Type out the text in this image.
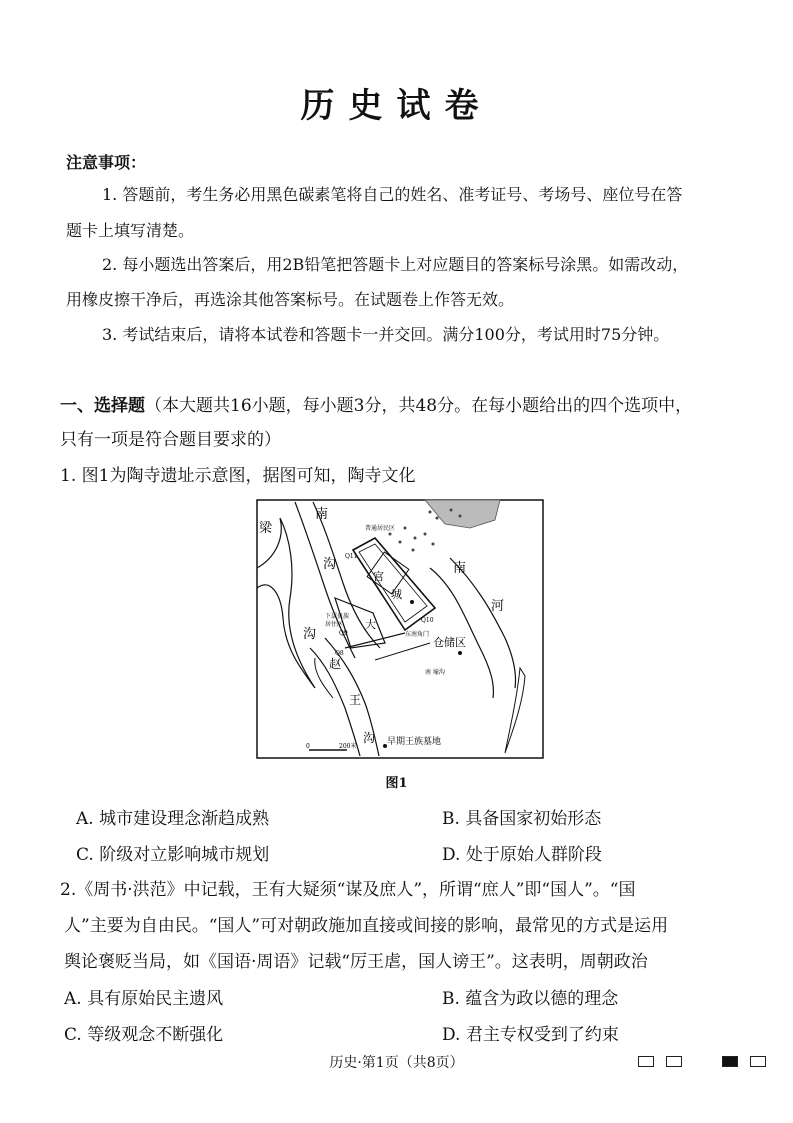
历史试卷
注意事项：
1. 答题前，考生务必用黑色碳素笔将自己的姓名、准考证号、考场号、座位号在答
题卡上填写清楚。
2. 每小题选出答案后，用2B铅笔把答题卡上对应题目的答案标号涂黑。如需改动，
用橡皮擦干净后，再选涂其他答案标号。在试题卷上作答无效。
3. 考试结束后，请将本试卷和答题卡一并交回。满分100分，考试用时75分钟。
一、选择题（本大题共16小题，每小题3分，共48分。在每小题给出的四个选项中，
只有一项是符合题目要求的）
1. 图1为陶寺遗址示意图，据图可知，陶寺文化
梁
南
沟
沟
普通居民区
宫
城
南
河
Q11
Q10
Q9
Q8
下层贵族
居住区 大
东南角门
仓储区
南 壕沟
赵
王
沟 早期王族墓地
0	200米
图1
A. 城市建设理念渐趋成熟	B. 具备国家初始形态
C. 阶级对立影响城市规划	D. 处于原始人群阶段
2.《周书·洪范》中记载，王有大疑须“谋及庶人”，所谓“庶人”即“国人”。“国
人”主要为自由民。“国人”可对朝政施加直接或间接的影响，最常见的方式是运用
舆论褒贬当局，如《国语·周语》记载“厉王虐，国人谤王”。这表明，周朝政治
A. 具有原始民主遗风	B. 蕴含为政以德的理念
C. 等级观念不断强化	D. 君主专权受到了约束
历史·第1页（共8页）
